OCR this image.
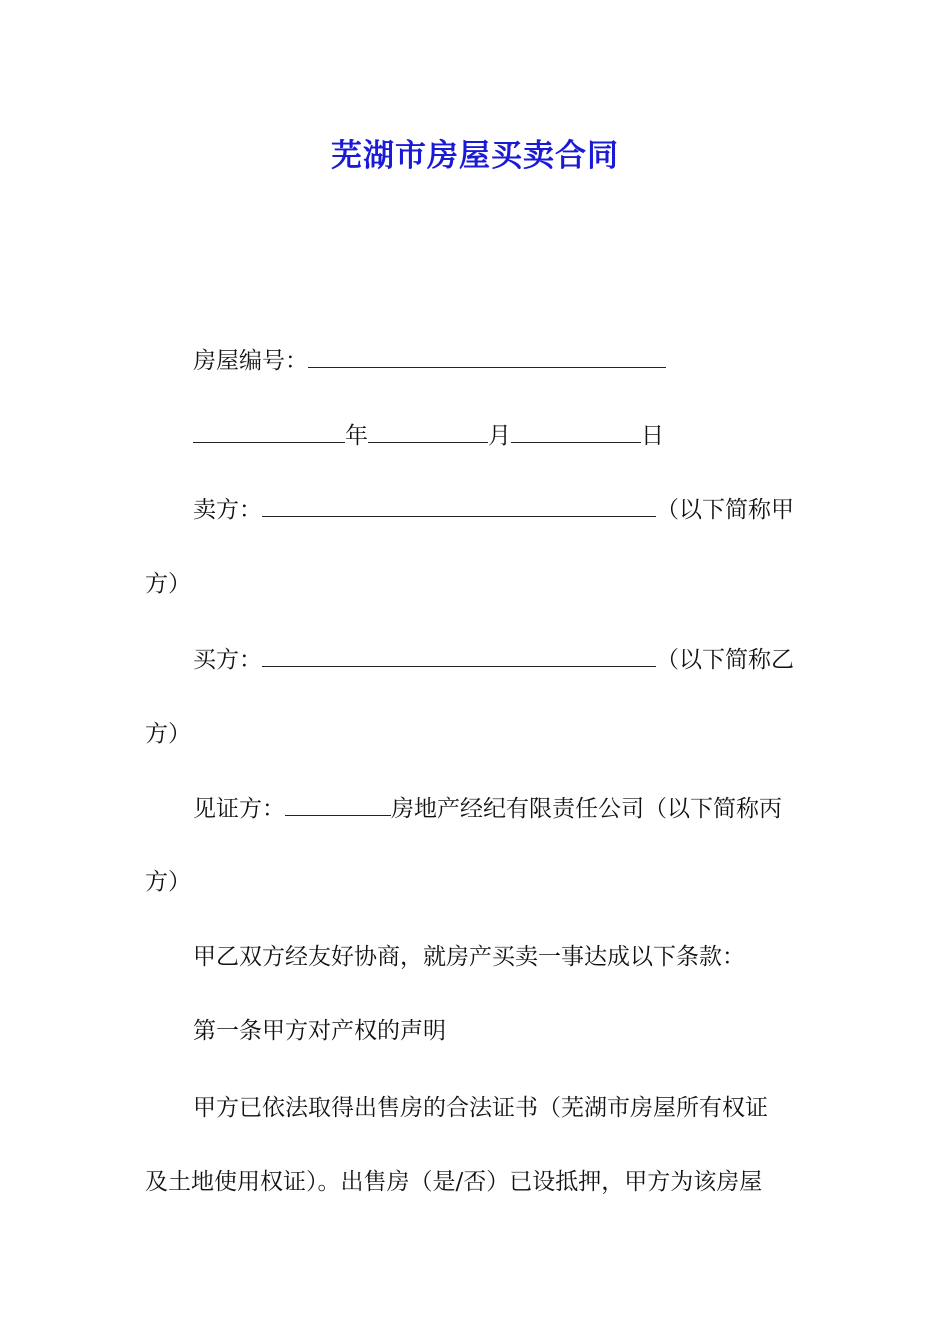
芜湖市房屋买卖合同
房屋编号：
年	月	日
卖方：	（以下简称甲
方）
买方：	（以下简称乙
方）
见证方：	房地产经纪有限责任公司（以下简称丙
方）
甲乙双方经友好协商，就房产买卖一事达成以下条款：
第一条甲方对产权的声明
甲方已依法取得出售房的合法证书（芜湖市房屋所有权证
及土地使用权证）。出售房（是/否）已设抵押，甲方为该房屋
